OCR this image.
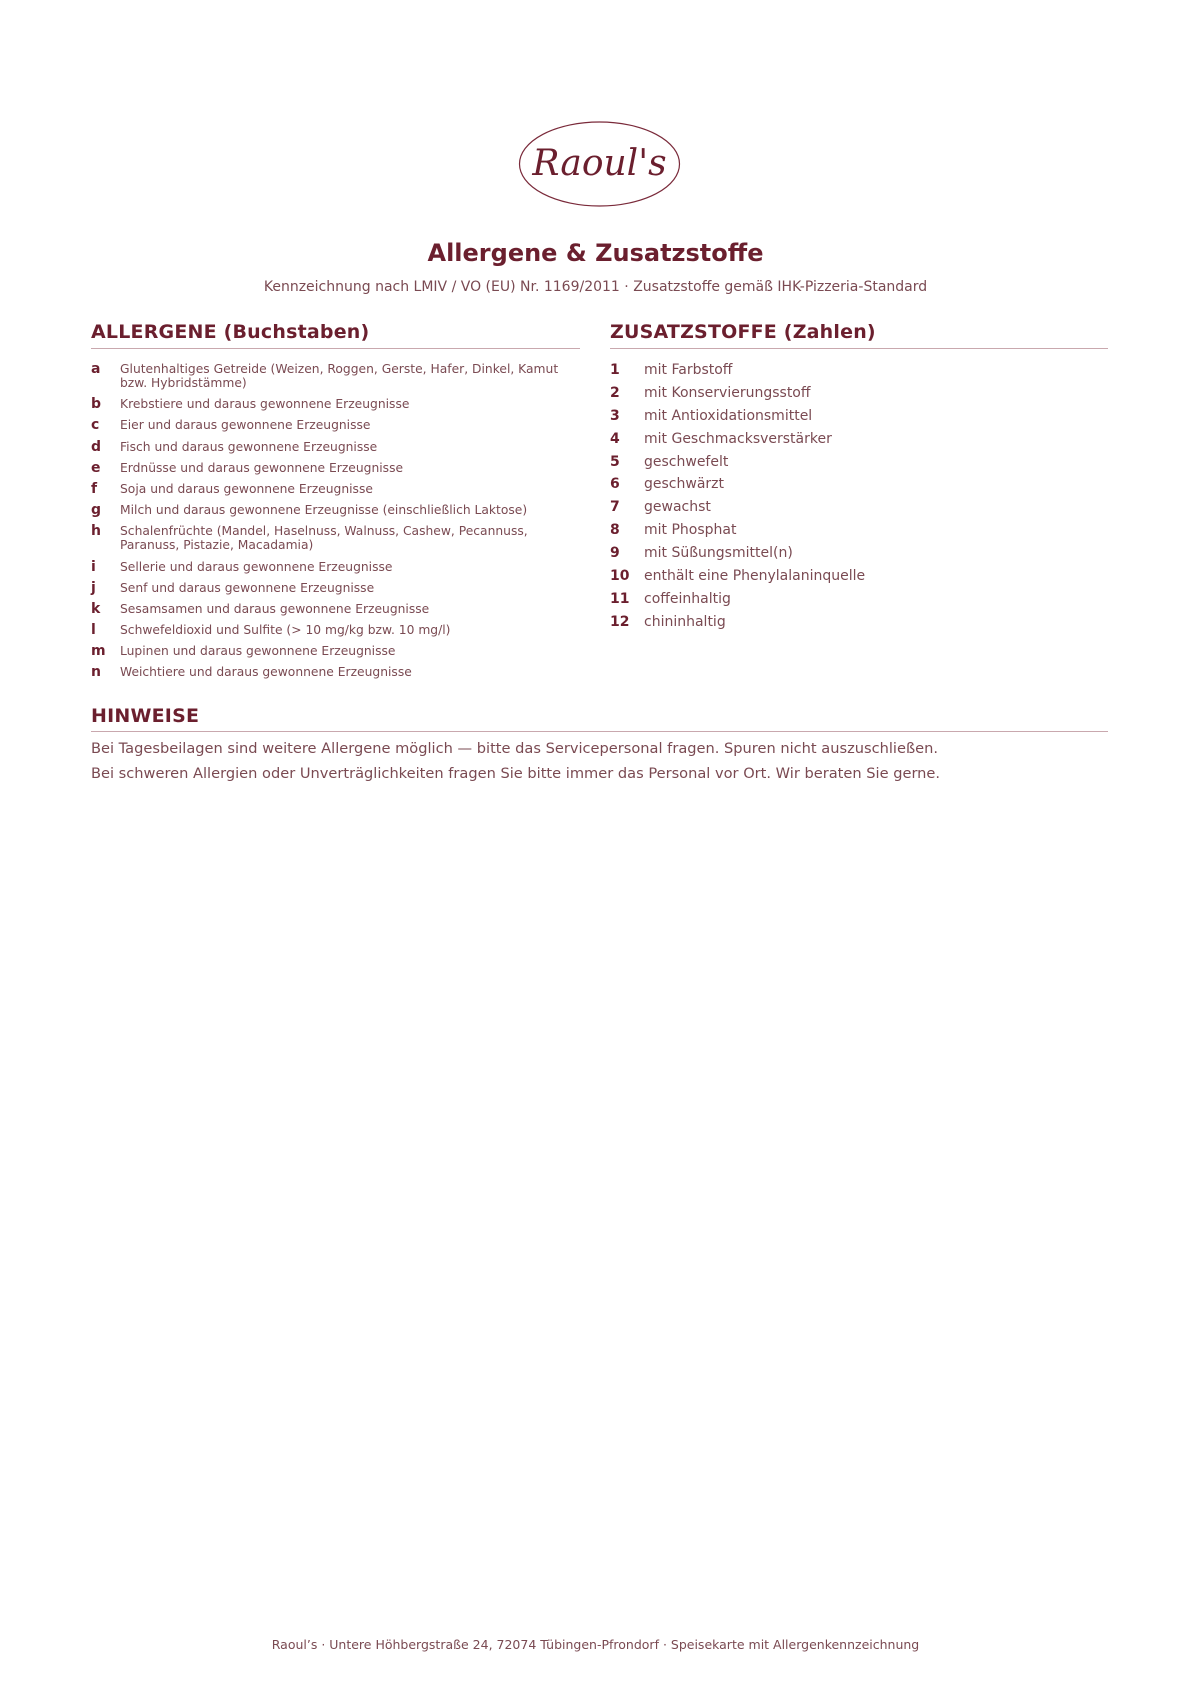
Raoul's
Allergene & Zusatzstoffe

Kennzeichnung nach LMIV / VO (EU) Nr. 1169/2011 · Zusatzstoffe gemäß IHK-Pizzeria-Standard

ALLERGENE (Buchstaben)
a	Glutenhaltiges Getreide (Weizen, Roggen, Gerste, Hafer, Dinkel, Kamut bzw. Hybridstämme)
b	Krebstiere und daraus gewonnene Erzeugnisse
c	Eier und daraus gewonnene Erzeugnisse
d	Fisch und daraus gewonnene Erzeugnisse
e	Erdnüsse und daraus gewonnene Erzeugnisse
f	Soja und daraus gewonnene Erzeugnisse
g	Milch und daraus gewonnene Erzeugnisse (einschließlich Laktose)
h	Schalenfrüchte (Mandel, Haselnuss, Walnuss, Cashew, Pecannuss, Paranuss, Pistazie, Macadamia)
i	Sellerie und daraus gewonnene Erzeugnisse
j	Senf und daraus gewonnene Erzeugnisse
k	Sesamsamen und daraus gewonnene Erzeugnisse
l	Schwefeldioxid und Sulfite (> 10 mg/kg bzw. 10 mg/l)
m	Lupinen und daraus gewonnene Erzeugnisse
n	Weichtiere und daraus gewonnene Erzeugnisse
ZUSATZSTOFFE (Zahlen)
1	mit Farbstoff
2	mit Konservierungsstoff
3	mit Antioxidationsmittel
4	mit Geschmacksverstärker
5	geschwefelt
6	geschwärzt
7	gewachst
8	mit Phosphat
9	mit Süßungsmittel(n)
10	enthält eine Phenylalaninquelle
11	coffeinhaltig
12	chininhaltig
HINWEISE

Bei Tagesbeilagen sind weitere Allergene möglich — bitte das Servicepersonal fragen. Spuren nicht auszuschließen.

Bei schweren Allergien oder Unverträglichkeiten fragen Sie bitte immer das Personal vor Ort. Wir beraten Sie gerne.

Raoul’s · Untere Höhbergstraße 24, 72074 Tübingen-Pfrondorf · Speisekarte mit Allergenkennzeichnung
